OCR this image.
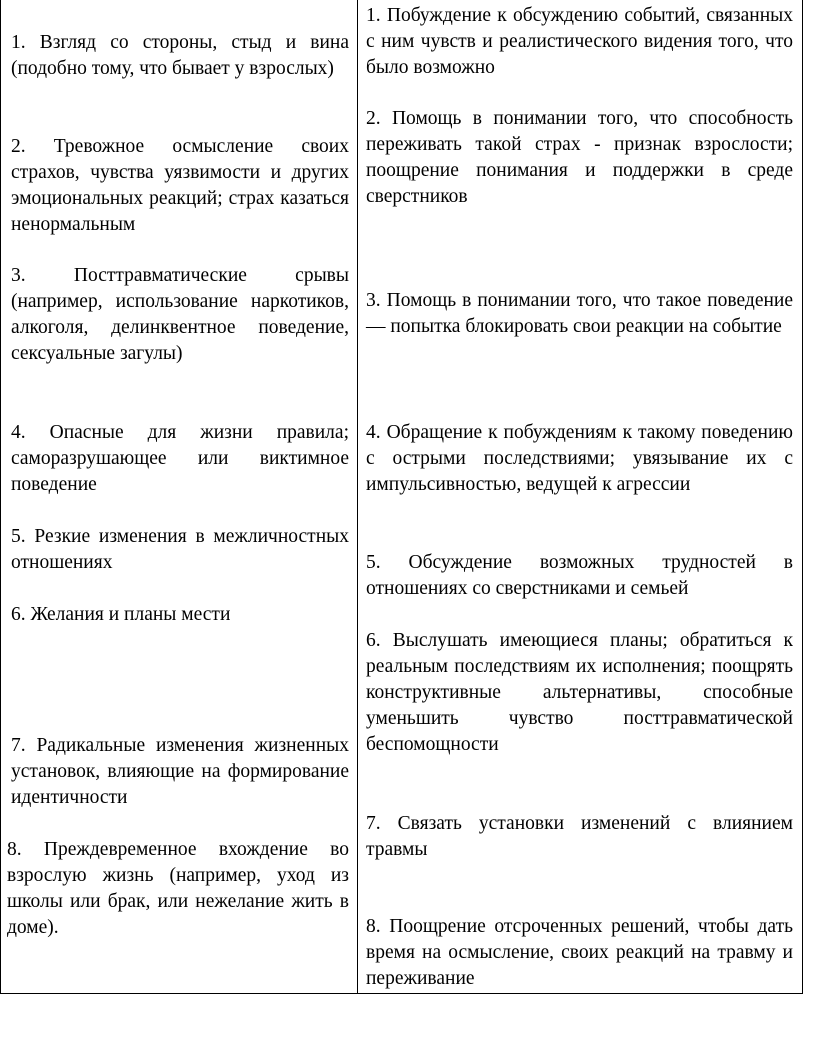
1. Взгляд со стороны, стыд и вина (подобно тому, что бывает у взрослых)

2. Тревожное осмысление своих страхов, чувства уязвимости и других эмоциональных реакций; страх казаться ненормальным

3. Посттравматические срывы (например, использование наркотиков, алкоголя, делинквентное поведение, сексуальные загулы)

4. Опасные для жизни правила; саморазрушающее или виктимное поведение

5. Резкие изменения в межличностных отношениях

6. Желания и планы мести

7. Радикальные изменения жизненных установок, влияющие на формирование идентичности

8. Преждевременное вхождение во взрослую жизнь (например, уход из школы или брак, или нежелание жить в доме).

1. Побуждение к обсуждению событий, связанных с ним чувств и реалистического видения того, что было возможно

2. Помощь в понимании того, что способность переживать такой страх - признак взрослости; поощрение понимания и поддержки в среде сверстников

3. Помощь в понимании того, что такое поведение — попытка блокировать свои реакции на событие

4. Обращение к побуждениям к такому поведению с острыми последствиями; увязывание их с импульсивностью, ведущей к агрессии

5. Обсуждение возможных трудностей в отношениях со сверстниками и семьей

6. Выслушать имеющиеся планы; обратиться к реальным последствиям их исполнения; поощрять конструктивные альтернативы, способные уменьшить чувство посттравматической беспомощности

7. Связать установки изменений с влиянием травмы

8. Поощрение отсроченных решений, чтобы дать время на осмысление, своих реакций на травму и переживание
